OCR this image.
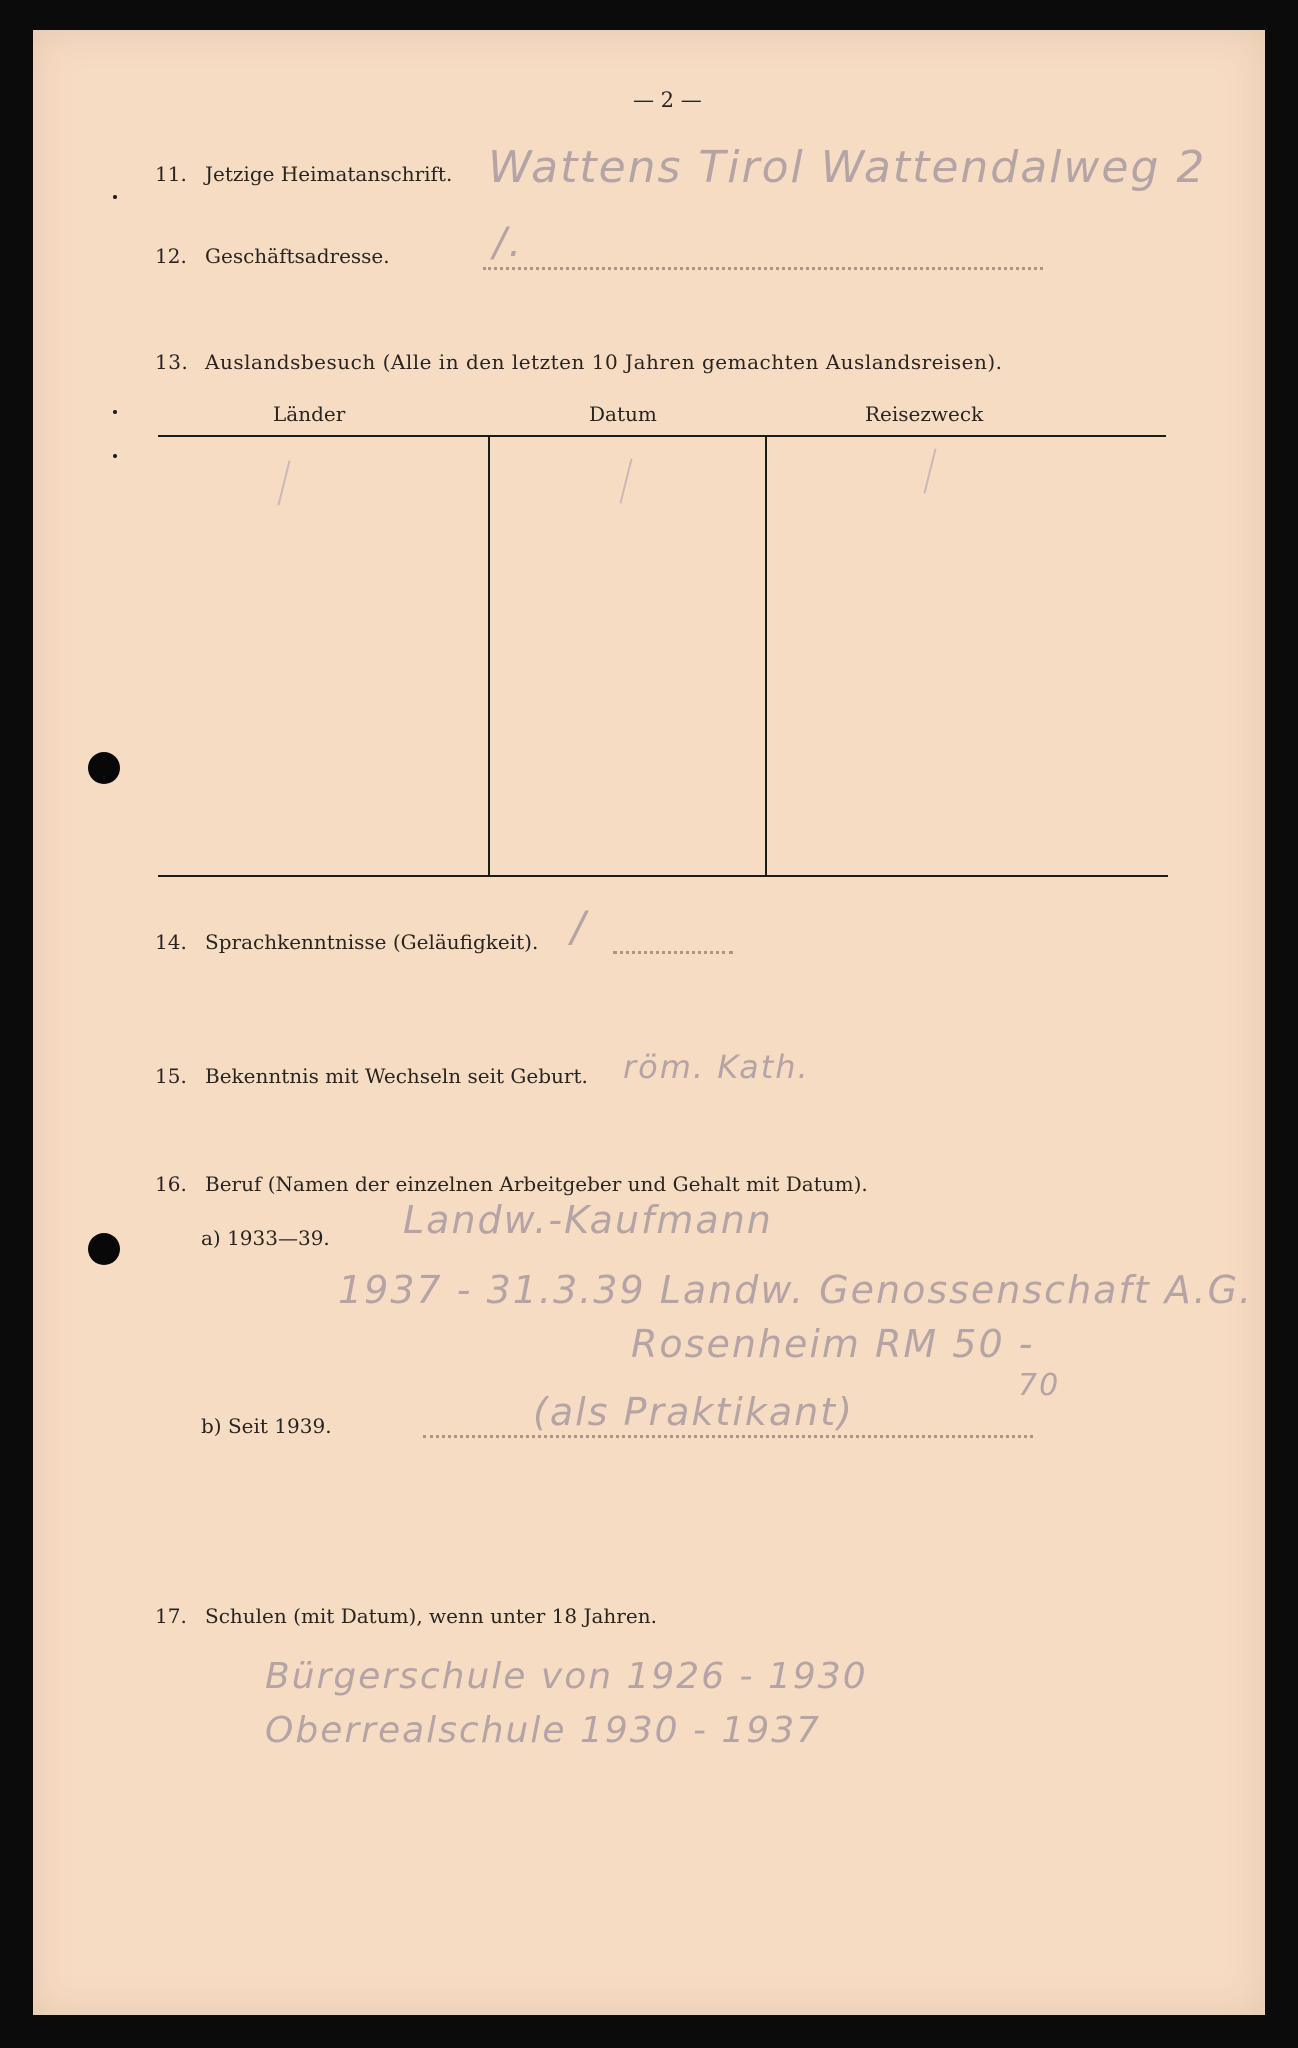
— 2 —
11. Jetzige Heimatanschrift. Wattens Tirol Wattendalweg 2
12. Geschäftsadresse.	/.
13. Auslandsbesuch (Alle in den letzten 10 Jahren gemachten Auslandsreisen).
Länder	Datum	Reisezweck
14. Sprachkenntnisse (Geläufigkeit). /
15. Bekenntnis mit Wechseln seit Geburt. röm. Kath.
16. Beruf (Namen der einzelnen Arbeitgeber und Gehalt mit Datum).
a) 1933—39. Landw.-Kaufmann
1937 - 31.3.39 Landw. Genossenschaft A.G.
Rosenheim RM 50 -
70
(als Praktikant)
b) Seit 1939.
17. Schulen (mit Datum), wenn unter 18 Jahren.
Bürgerschule von 1926 - 1930
Oberrealschule 1930 - 1937
